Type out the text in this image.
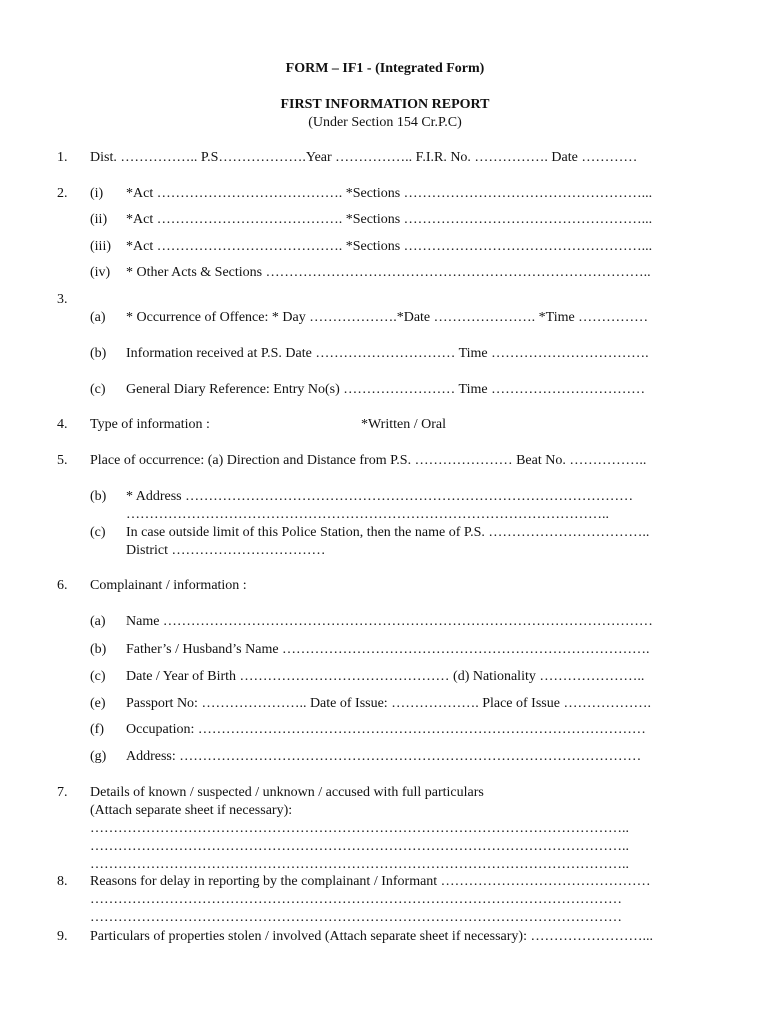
FORM – IF1 - (Integrated Form)
FIRST INFORMATION REPORT
(Under Section 154 Cr.P.C)
1. Dist. …………….. P.S……………….Year …………….. F.I.R. No. ……………. Date …………
2. (i) *Act …………………………………. *Sections ……………………………………………...
(ii) *Act …………………………………. *Sections ……………………………………………...
(iii) *Act …………………………………. *Sections ……………………………………………...
(iv) * Other Acts & Sections ………………………………………………………………………..
3.
(a) * Occurrence of Offence: * Day ……………….*Date …………………. *Time ……………
(b) Information received at P.S. Date ………………………… Time …………………………….
(c) General Diary Reference: Entry No(s) …………………… Time ……………………………
4. Type of information :	*Written / Oral
5. Place of occurrence: (a) Direction and Distance from P.S. ………………… Beat No. ……………..
(b) * Address ……………………………………………………………………………………
…………………………………………………………………………………………..
(c) In case outside limit of this Police Station, then the name of P.S. ……………………………..
District ……………………………
6. Complainant / information :
(a) Name ……………………………………………………………………………………………
(b) Father’s / Husband’s Name …………………………………………………………………….
(c) Date / Year of Birth ……………………………………… (d) Nationality …………………..
(e) Passport No: ………………….. Date of Issue: ………………. Place of Issue ……………….
(f) Occupation: ……………………………………………………………………………………
(g) Address: ………………………………………………………………………………………
7. Details of known / suspected / unknown / accused with full particulars
(Attach separate sheet if necessary):
……………………………………………………………………………………………………..
……………………………………………………………………………………………………..
……………………………………………………………………………………………………..
8. Reasons for delay in reporting by the complainant / Informant ………………………………………
……………………………………………………………………………………………………
……………………………………………………………………………………………………
9. Particulars of properties stolen / involved (Attach separate sheet if necessary): ……………………...
